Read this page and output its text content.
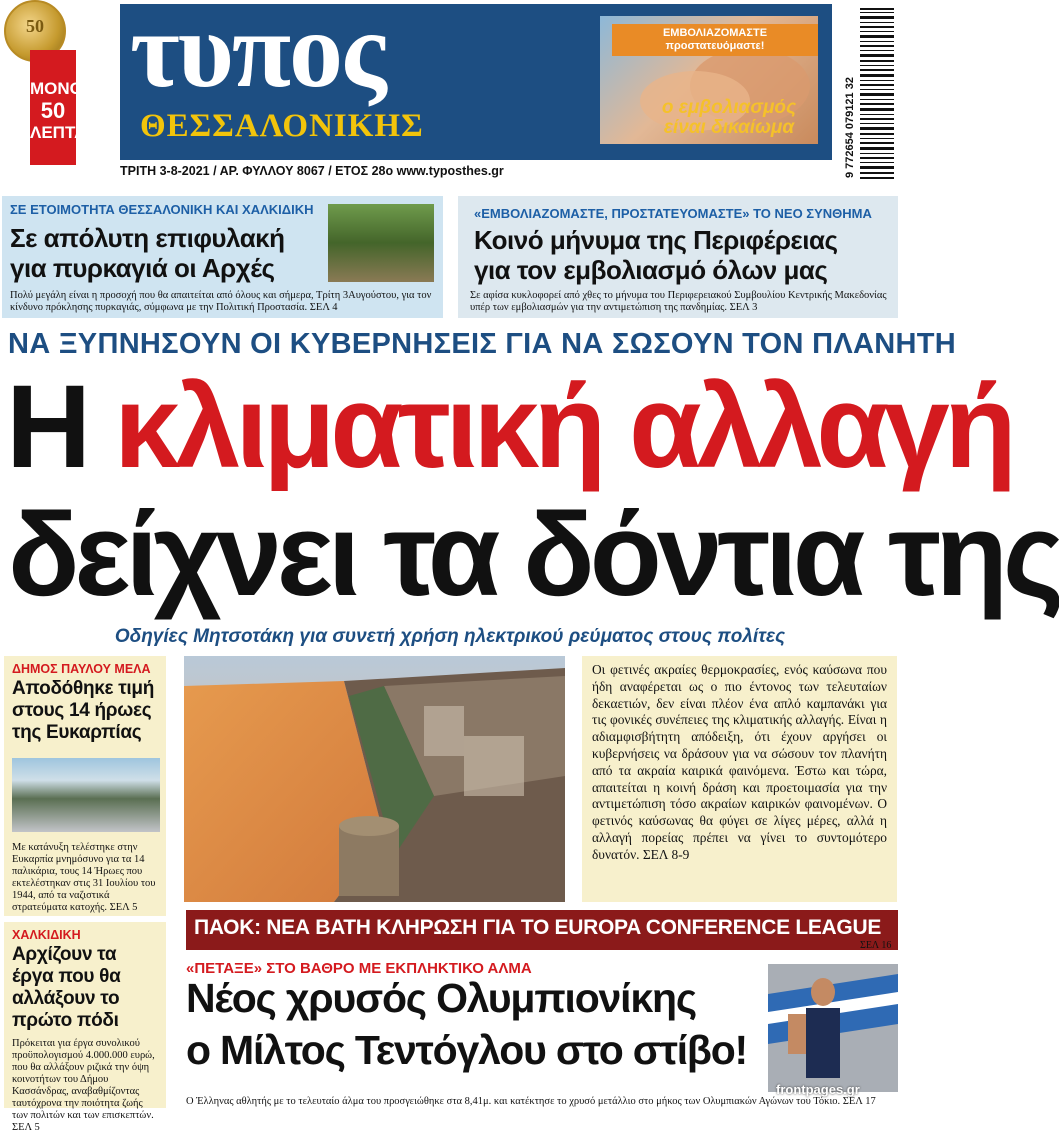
50
ΜΟΝΟ
50
ΛΕΠΤΑ
τυπος
ΘΕΣΣΑΛΟΝΙΚΗΣ
ΕΜΒΟΛΙΑΖΟΜΑΣΤΕ προστατευόμαστε!
ο εμβολιασμός είναι δικαίωμα	9 772654 079121 32
ΤΡΙΤΗ 3-8-2021 / ΑΡ. ΦΥΛΛΟΥ 8067 / ΕΤΟΣ 28ο www.typosthes.gr
ΣΕ ΕΤΟΙΜΟΤΗΤΑ ΘΕΣΣΑΛΟΝΙΚΗ ΚΑΙ ΧΑΛΚΙΔΙΚΗ
Σε απόλυτη επιφυλακή
για πυρκαγιά οι Αρχές
Πολύ μεγάλη είναι η προσοχή που θα απαιτείται από όλους και σήμερα, Τρίτη 3Αυγούστου, για τον κίνδυνο πρόκλησης πυρκαγιάς, σύμφωνα με την Πολιτική Προστασία. ΣΕΛ 4
«ΕΜΒΟΛΙΑΖΟΜΑΣΤΕ, ΠΡΟΣΤΑΤΕΥΟΜΑΣΤΕ» ΤΟ ΝΕΟ ΣΥΝΘΗΜΑ
Κοινό μήνυμα της Περιφέρειας
για τον εμβολιασμό όλων μας
Σε αφίσα κυκλοφορεί από χθες το μήνυμα του Περιφερειακού Συμβουλίου Κεντρικής Μακεδονίας υπέρ των εμβολιασμών για την αντιμετώπιση της πανδημίας. ΣΕΛ 3
ΝΑ ΞΥΠΝΗΣΟΥΝ ΟΙ ΚΥΒΕΡΝΗΣΕΙΣ ΓΙΑ ΝΑ ΣΩΣΟΥΝ ΤΟΝ ΠΛΑΝΗΤΗ
Η κλιματική αλλαγή
δείχνει τα δόντια της
Οδηγίες Μητσοτάκη για συνετή χρήση ηλεκτρικού ρεύματος στους πολίτες
ΔΗΜΟΣ ΠΑΥΛΟΥ ΜΕΛΑ
Αποδόθηκε τιμή στους 14 ήρωες της Ευκαρπίας
Με κατάνυξη τελέστηκε στην Ευκαρπία μνημόσυνο για τα 14 παλικάρια, τους 14 Ήρωες που εκτελέστηκαν στις 31 Ιουλίου του 1944, από τα ναζιστικά στρατεύματα κατοχής. ΣΕΛ 5
ΧΑΛΚΙΔΙΚΗ
Αρχίζουν τα έργα που θα αλλάξουν το πρώτο πόδι
Πρόκειται για έργα συνολικού προϋπολογισμού 4.000.000 ευρώ, που θα αλλάξουν ριζικά την όψη κοινοτήτων του Δήμου Κασσάνδρας, αναβαθμίζοντας ταυτόχρονα την ποιότητα ζωής των πολιτών και των επισκεπτών. ΣΕΛ 5
Οι φετινές ακραίες θερμοκρασίες, ενός καύσωνα που ήδη αναφέρεται ως ο πιο έντονος των τελευταίων δεκαετιών, δεν είναι πλέον ένα απλό καμπανάκι για τις φονικές συνέπειες της κλιματικής αλλαγής. Είναι η αδιαμφισβήτητη απόδειξη, ότι έχουν αργήσει οι κυβερνήσεις να δράσουν για να σώσουν τον πλανήτη από τα ακραία καιρικά φαινόμενα. Έστω και τώρα, απαιτείται η κοινή δράση και προετοιμασία για την αντιμετώπιση τόσο ακραίων καιρικών φαινομένων. Ο φετινός καύσωνας θα φύγει σε λίγες μέρες, αλλά η αλλαγή πορείας πρέπει να γίνει το συντομότερο δυνατόν. ΣΕΛ 8-9
ΠΑΟΚ: ΝΕΑ ΒΑΤΗ ΚΛΗΡΩΣΗ ΓΙΑ ΤΟ EUROPA CONFERENCE LEAGUE
ΣΕΛ 16
«ΠΕΤΑΞΕ» ΣΤΟ ΒΑΘΡΟ ΜΕ ΕΚΠΛΗΚΤΙΚΟ ΑΛΜΑ
Νέος χρυσός Ολυμπιονίκης
ο Μίλτος Τεντόγλου στο στίβο!
frontpages.gr
Ο Έλληνας αθλητής με το τελευταίο άλμα του προσγειώθηκε στα 8,41μ. και κατέκτησε το χρυσό μετάλλιο στο μήκος των Ολυμπιακών Αγώνων του Τόκιο. ΣΕΛ 17
